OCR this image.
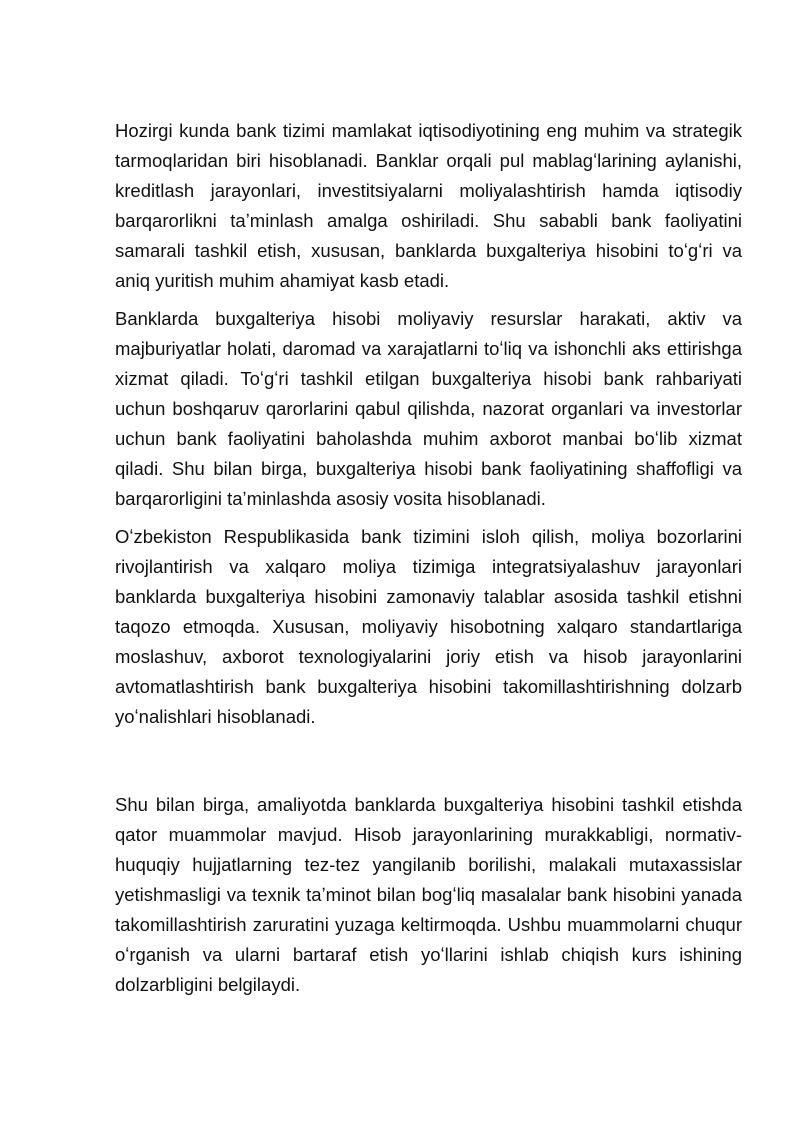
Hozirgi kunda bank tizimi mamlakat iqtisodiyotining eng muhim va strategik tarmoqlaridan biri hisoblanadi. Banklar orqali pul mablagʻlarining aylanishi, kreditlash jarayonlari, investitsiyalarni moliyalashtirish hamda iqtisodiy barqarorlikni taʼminlash amalga oshiriladi. Shu sababli bank faoliyatini samarali tashkil etish, xususan, banklarda buxgalteriya hisobini toʻgʻri va aniq yuritish muhim ahamiyat kasb etadi.

Banklarda buxgalteriya hisobi moliyaviy resurslar harakati, aktiv va majburiyatlar holati, daromad va xarajatlarni toʻliq va ishonchli aks ettirishga xizmat qiladi. Toʻgʻri tashkil etilgan buxgalteriya hisobi bank rahbariyati uchun boshqaruv qarorlarini qabul qilishda, nazorat organlari va investorlar uchun bank faoliyatini baholashda muhim axborot manbai boʻlib xizmat qiladi. Shu bilan birga, buxgalteriya hisobi bank faoliyatining shaffofligi va barqarorligini taʼminlashda asosiy vosita hisoblanadi.

Oʻzbekiston Respublikasida bank tizimini isloh qilish, moliya bozorlarini rivojlantirish va xalqaro moliya tizimiga integratsiyalashuv jarayonlari banklarda buxgalteriya hisobini zamonaviy talablar asosida tashkil etishni taqozo etmoqda. Xususan, moliyaviy hisobotning xalqaro standartlariga moslashuv, axborot texnologiyalarini joriy etish va hisob jarayonlarini avtomatlashtirish bank buxgalteriya hisobini takomillashtirishning dolzarb yoʻnalishlari hisoblanadi.

Shu bilan birga, amaliyotda banklarda buxgalteriya hisobini tashkil etishda qator muammolar mavjud. Hisob jarayonlarining murakkabligi, normativ-huquqiy hujjatlarning tez-tez yangilanib borilishi, malakali mutaxassislar yetishmasligi va texnik taʼminot bilan bogʻliq masalalar bank hisobini yanada takomillashtirish zaruratini yuzaga keltirmoqda. Ushbu muammolarni chuqur oʻrganish va ularni bartaraf etish yoʻllarini ishlab chiqish kurs ishining dolzarbligini belgilaydi.
